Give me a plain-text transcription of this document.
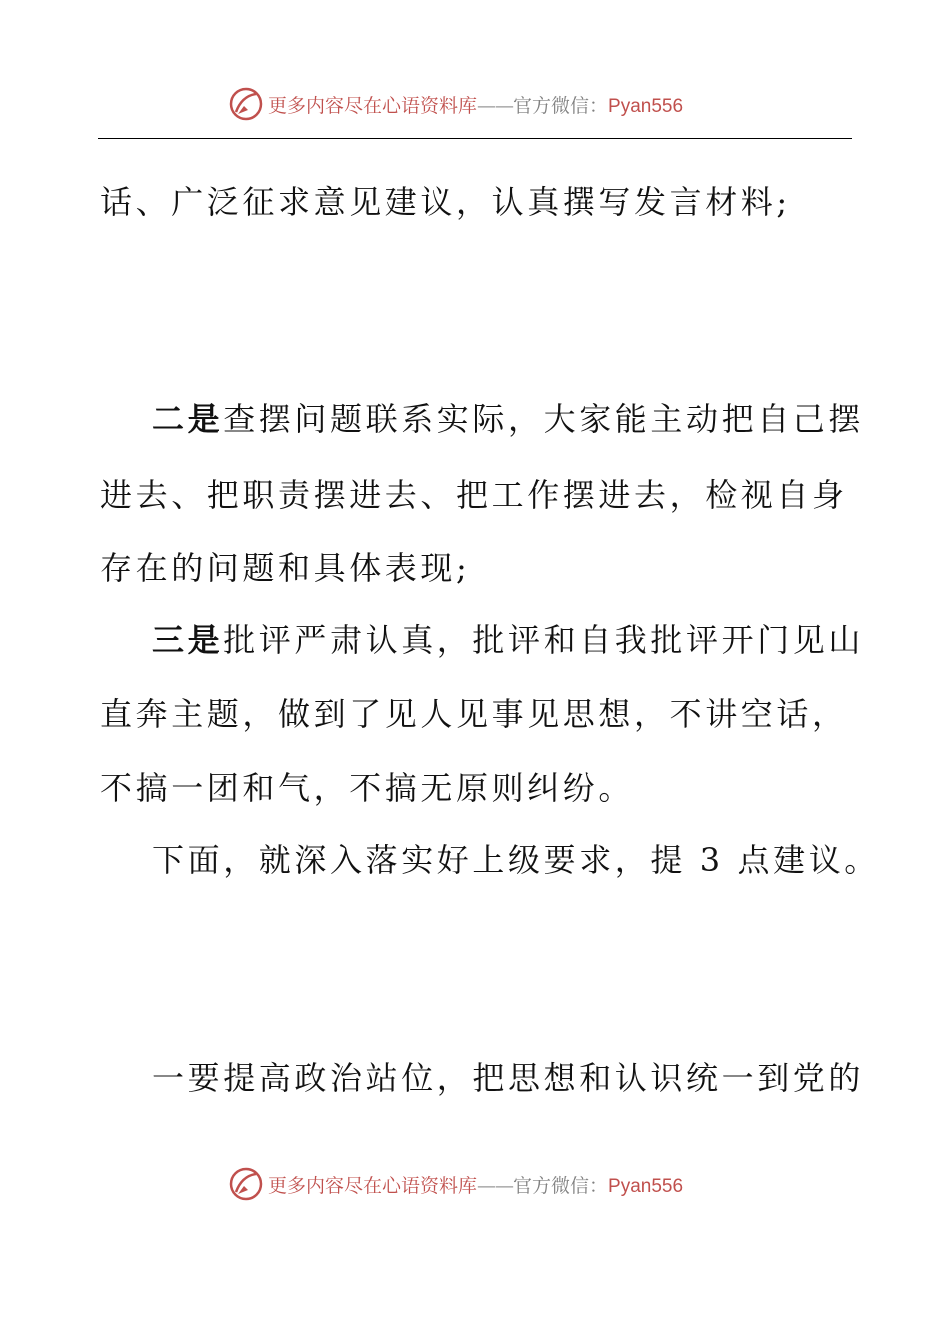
更多内容尽在心语资料库——官方微信：Pyan556
话、广泛征求意见建议，认真撰写发言材料;
二是查摆问题联系实际，大家能主动把自己摆
进去、把职责摆进去、把工作摆进去，检视自身
存在的问题和具体表现;
三是批评严肃认真，批评和自我批评开门见山
直奔主题，做到了见人见事见思想，不讲空话，
不搞一团和气，不搞无原则纠纷。
下面，就深入落实好上级要求，提 3 点建议。
一要提高政治站位，把思想和认识统一到党的
更多内容尽在心语资料库——官方微信：Pyan556
